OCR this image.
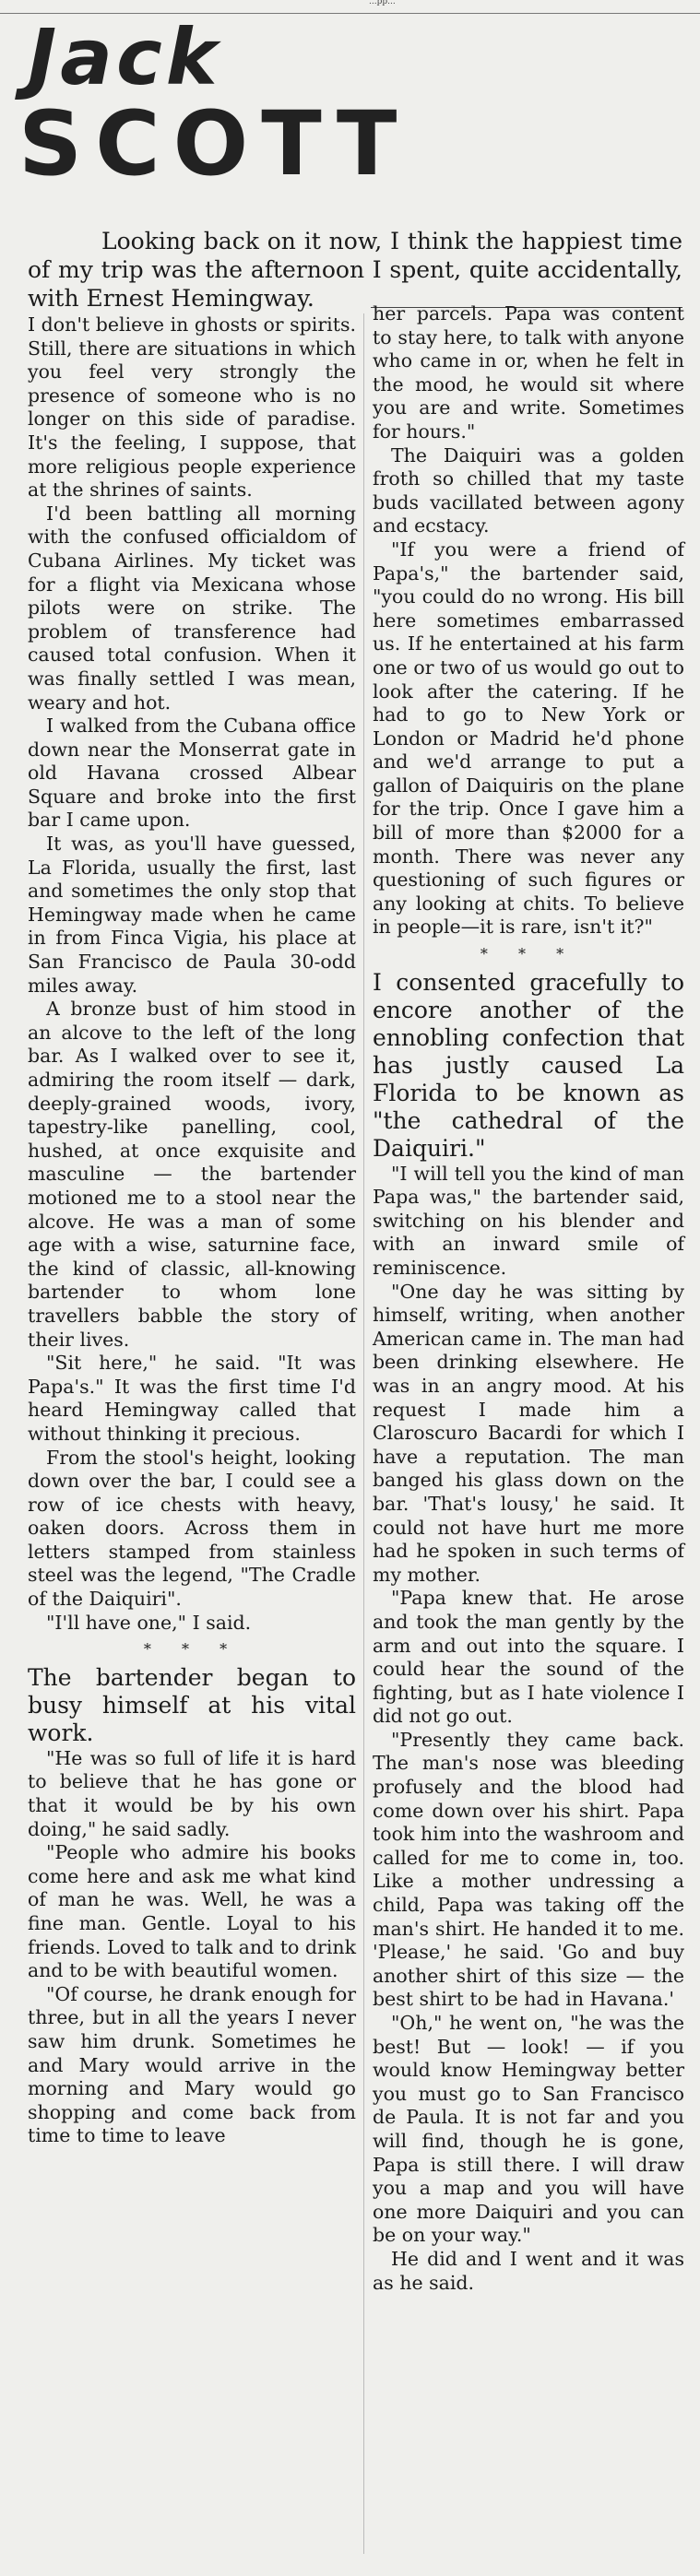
...pp...
Jack
SCOTT

Looking back on it now, I think the happiest time of my trip was the afternoon I spent, quite accidentally, with Ernest Hemingway.

I don't believe in ghosts or spirits. Still, there are situations in which you feel very strongly the presence of someone who is no longer on this side of paradise. It's the feeling, I suppose, that more religious people experience at the shrines of saints.

I'd been battling all morning with the confused officialdom of Cubana Airlines. My ticket was for a flight via Mexicana whose pilots were on strike. The problem of transference had caused total confusion. When it was finally settled I was mean, weary and hot.

I walked from the Cubana office down near the Monserrat gate in old Havana crossed Albear Square and broke into the first bar I came upon.

It was, as you'll have guessed, La Florida, usually the first, last and sometimes the only stop that Hemingway made when he came in from Finca Vigia, his place at San Francisco de Paula 30-odd miles away.

A bronze bust of him stood in an alcove to the left of the long bar. As I walked over to see it, admiring the room itself — dark, deeply-grained woods, ivory, tapestry-like panelling, cool, hushed, at once exquisite and masculine — the bartender motioned me to a stool near the alcove. He was a man of some age with a wise, saturnine face, the kind of classic, all-knowing bartender to whom lone travellers babble the story of their lives.

"Sit here," he said. "It was Papa's." It was the first time I'd heard Hemingway called that without thinking it precious.

From the stool's height, looking down over the bar, I could see a row of ice chests with heavy, oaken doors. Across them in letters stamped from stainless steel was the legend, "The Cradle of the Daiquiri".

"I'll have one," I said.

* * *

The bartender began to busy himself at his vital work.

"He was so full of life it is hard to believe that he has gone or that it would be by his own doing," he said sadly.

"People who admire his books come here and ask me what kind of man he was. Well, he was a fine man. Gentle. Loyal to his friends. Loved to talk and to drink and to be with beautiful women.

"Of course, he drank enough for three, but in all the years I never saw him drunk. Sometimes he and Mary would arrive in the morning and Mary would go shopping and come back from time to time to leave

her parcels. Papa was content to stay here, to talk with anyone who came in or, when he felt in the mood, he would sit where you are and write. Sometimes for hours."

The Daiquiri was a golden froth so chilled that my taste buds vacillated between agony and ecstacy.

"If you were a friend of Papa's," the bartender said, "you could do no wrong. His bill here sometimes embarrassed us. If he entertained at his farm one or two of us would go out to look after the catering. If he had to go to New York or London or Madrid he'd phone and we'd arrange to put a gallon of Daiquiris on the plane for the trip. Once I gave him a bill of more than $2000 for a month. There was never any questioning of such figures or any looking at chits. To believe in people—it is rare, isn't it?"

* * *

I consented gracefully to encore another of the ennobling confection that has justly caused La Florida to be known as "the cathedral of the Daiquiri."

"I will tell you the kind of man Papa was," the bartender said, switching on his blender and with an inward smile of reminiscence.

"One day he was sitting by himself, writing, when another American came in. The man had been drinking elsewhere. He was in an angry mood. At his request I made him a Claroscuro Bacardi for which I have a reputation. The man banged his glass down on the bar. 'That's lousy,' he said. It could not have hurt me more had he spoken in such terms of my mother.

"Papa knew that. He arose and took the man gently by the arm and out into the square. I could hear the sound of the fighting, but as I hate violence I did not go out.

"Presently they came back. The man's nose was bleeding profusely and the blood had come down over his shirt. Papa took him into the washroom and called for me to come in, too. Like a mother undressing a child, Papa was taking off the man's shirt. He handed it to me. 'Please,' he said. 'Go and buy another shirt of this size — the best shirt to be had in Havana.'

"Oh," he went on, "he was the best! But — look! — if you would know Hemingway better you must go to San Francisco de Paula. It is not far and you will find, though he is gone, Papa is still there. I will draw you a map and you will have one more Daiquiri and you can be on your way."

He did and I went and it was as he said.
